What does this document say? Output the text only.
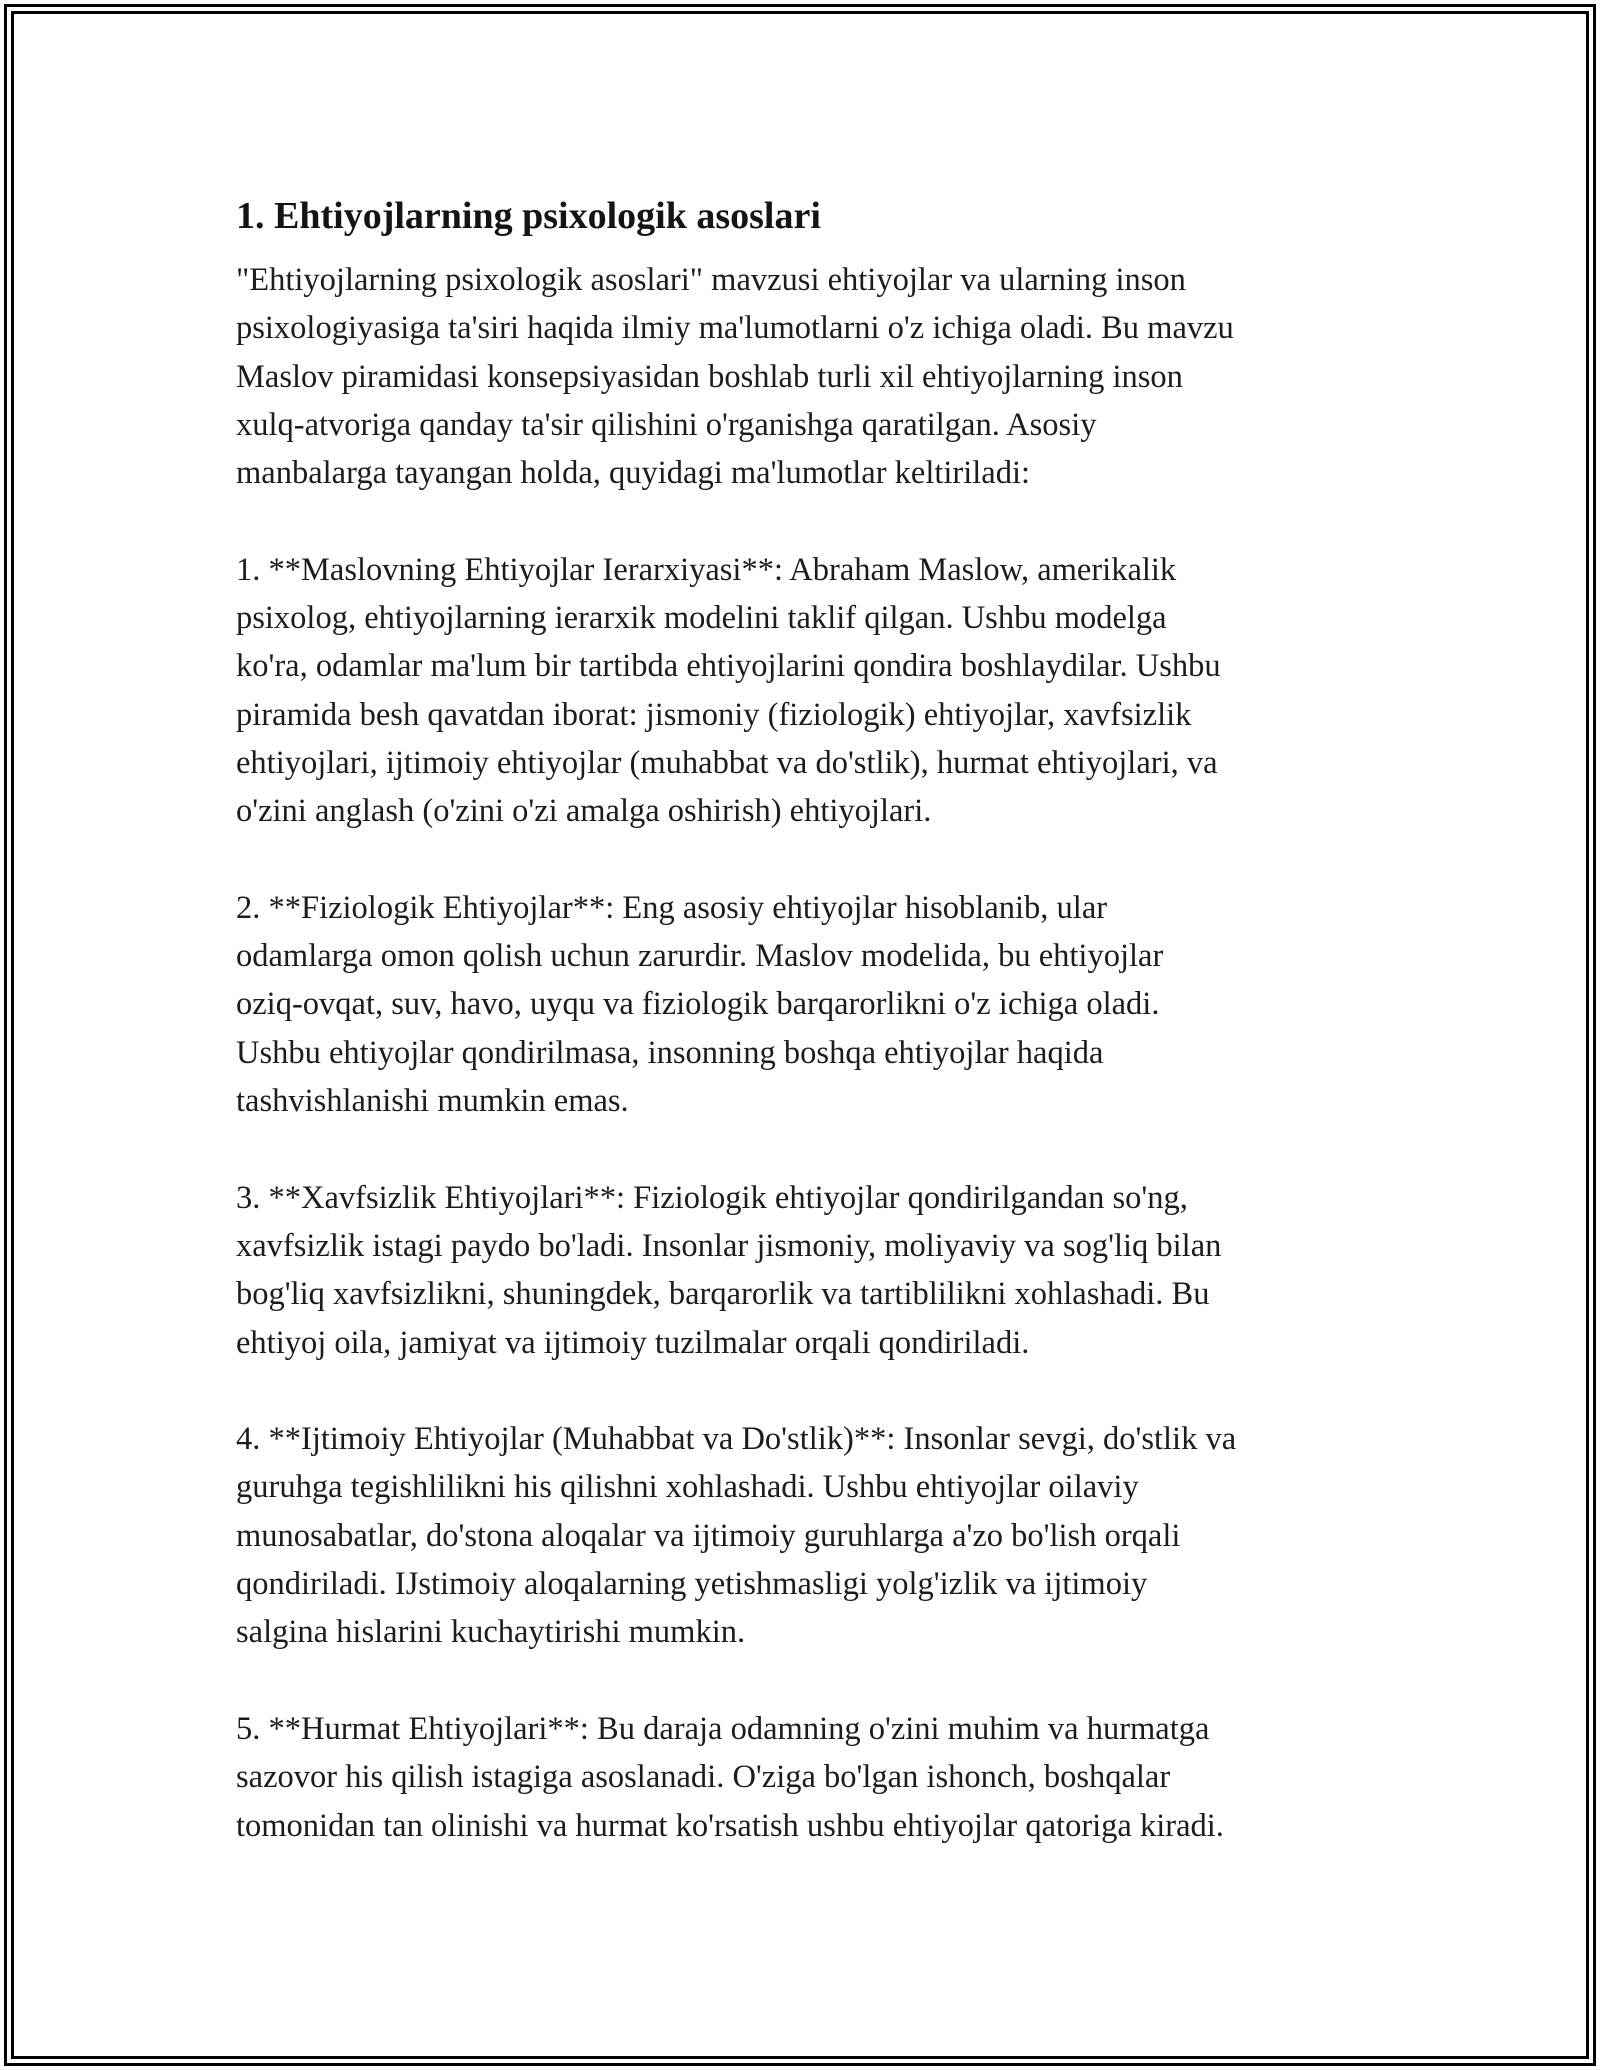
1. Ehtiyojlarning psixologik asoslari

"Ehtiyojlarning psixologik asoslari" mavzusi ehtiyojlar va ularning inson
psixologiyasiga ta'siri haqida ilmiy ma'lumotlarni o'z ichiga oladi. Bu mavzu
Maslov piramidasi konsepsiyasidan boshlab turli xil ehtiyojlarning inson
xulq-atvoriga qanday ta'sir qilishini o'rganishga qaratilgan. Asosiy
manbalarga tayangan holda, quyidagi ma'lumotlar keltiriladi:

1. **Maslovning Ehtiyojlar Ierarxiyasi**: Abraham Maslow, amerikalik
psixolog, ehtiyojlarning ierarxik modelini taklif qilgan. Ushbu modelga
ko'ra, odamlar ma'lum bir tartibda ehtiyojlarini qondira boshlaydilar. Ushbu
piramida besh qavatdan iborat: jismoniy (fiziologik) ehtiyojlar, xavfsizlik
ehtiyojlari, ijtimoiy ehtiyojlar (muhabbat va do'stlik), hurmat ehtiyojlari, va
o'zini anglash (o'zini o'zi amalga oshirish) ehtiyojlari.

2. **Fiziologik Ehtiyojlar**: Eng asosiy ehtiyojlar hisoblanib, ular
odamlarga omon qolish uchun zarurdir. Maslov modelida, bu ehtiyojlar
oziq-ovqat, suv, havo, uyqu va fiziologik barqarorlikni o'z ichiga oladi.
Ushbu ehtiyojlar qondirilmasa, insonning boshqa ehtiyojlar haqida
tashvishlanishi mumkin emas.

3. **Xavfsizlik Ehtiyojlari**: Fiziologik ehtiyojlar qondirilgandan so'ng,
xavfsizlik istagi paydo bo'ladi. Insonlar jismoniy, moliyaviy va sog'liq bilan
bog'liq xavfsizlikni, shuningdek, barqarorlik va tartiblilikni xohlashadi. Bu
ehtiyoj oila, jamiyat va ijtimoiy tuzilmalar orqali qondiriladi.

4. **Ijtimoiy Ehtiyojlar (Muhabbat va Do'stlik)**: Insonlar sevgi, do'stlik va
guruhga tegishlilikni his qilishni xohlashadi. Ushbu ehtiyojlar oilaviy
munosabatlar, do'stona aloqalar va ijtimoiy guruhlarga a'zo bo'lish orqali
qondiriladi. IJstimoiy aloqalarning yetishmasligi yolg'izlik va ijtimoiy
salgina hislarini kuchaytirishi mumkin.

5. **Hurmat Ehtiyojlari**: Bu daraja odamning o'zini muhim va hurmatga
sazovor his qilish istagiga asoslanadi. O'ziga bo'lgan ishonch, boshqalar
tomonidan tan olinishi va hurmat ko'rsatish ushbu ehtiyojlar qatoriga kiradi.
